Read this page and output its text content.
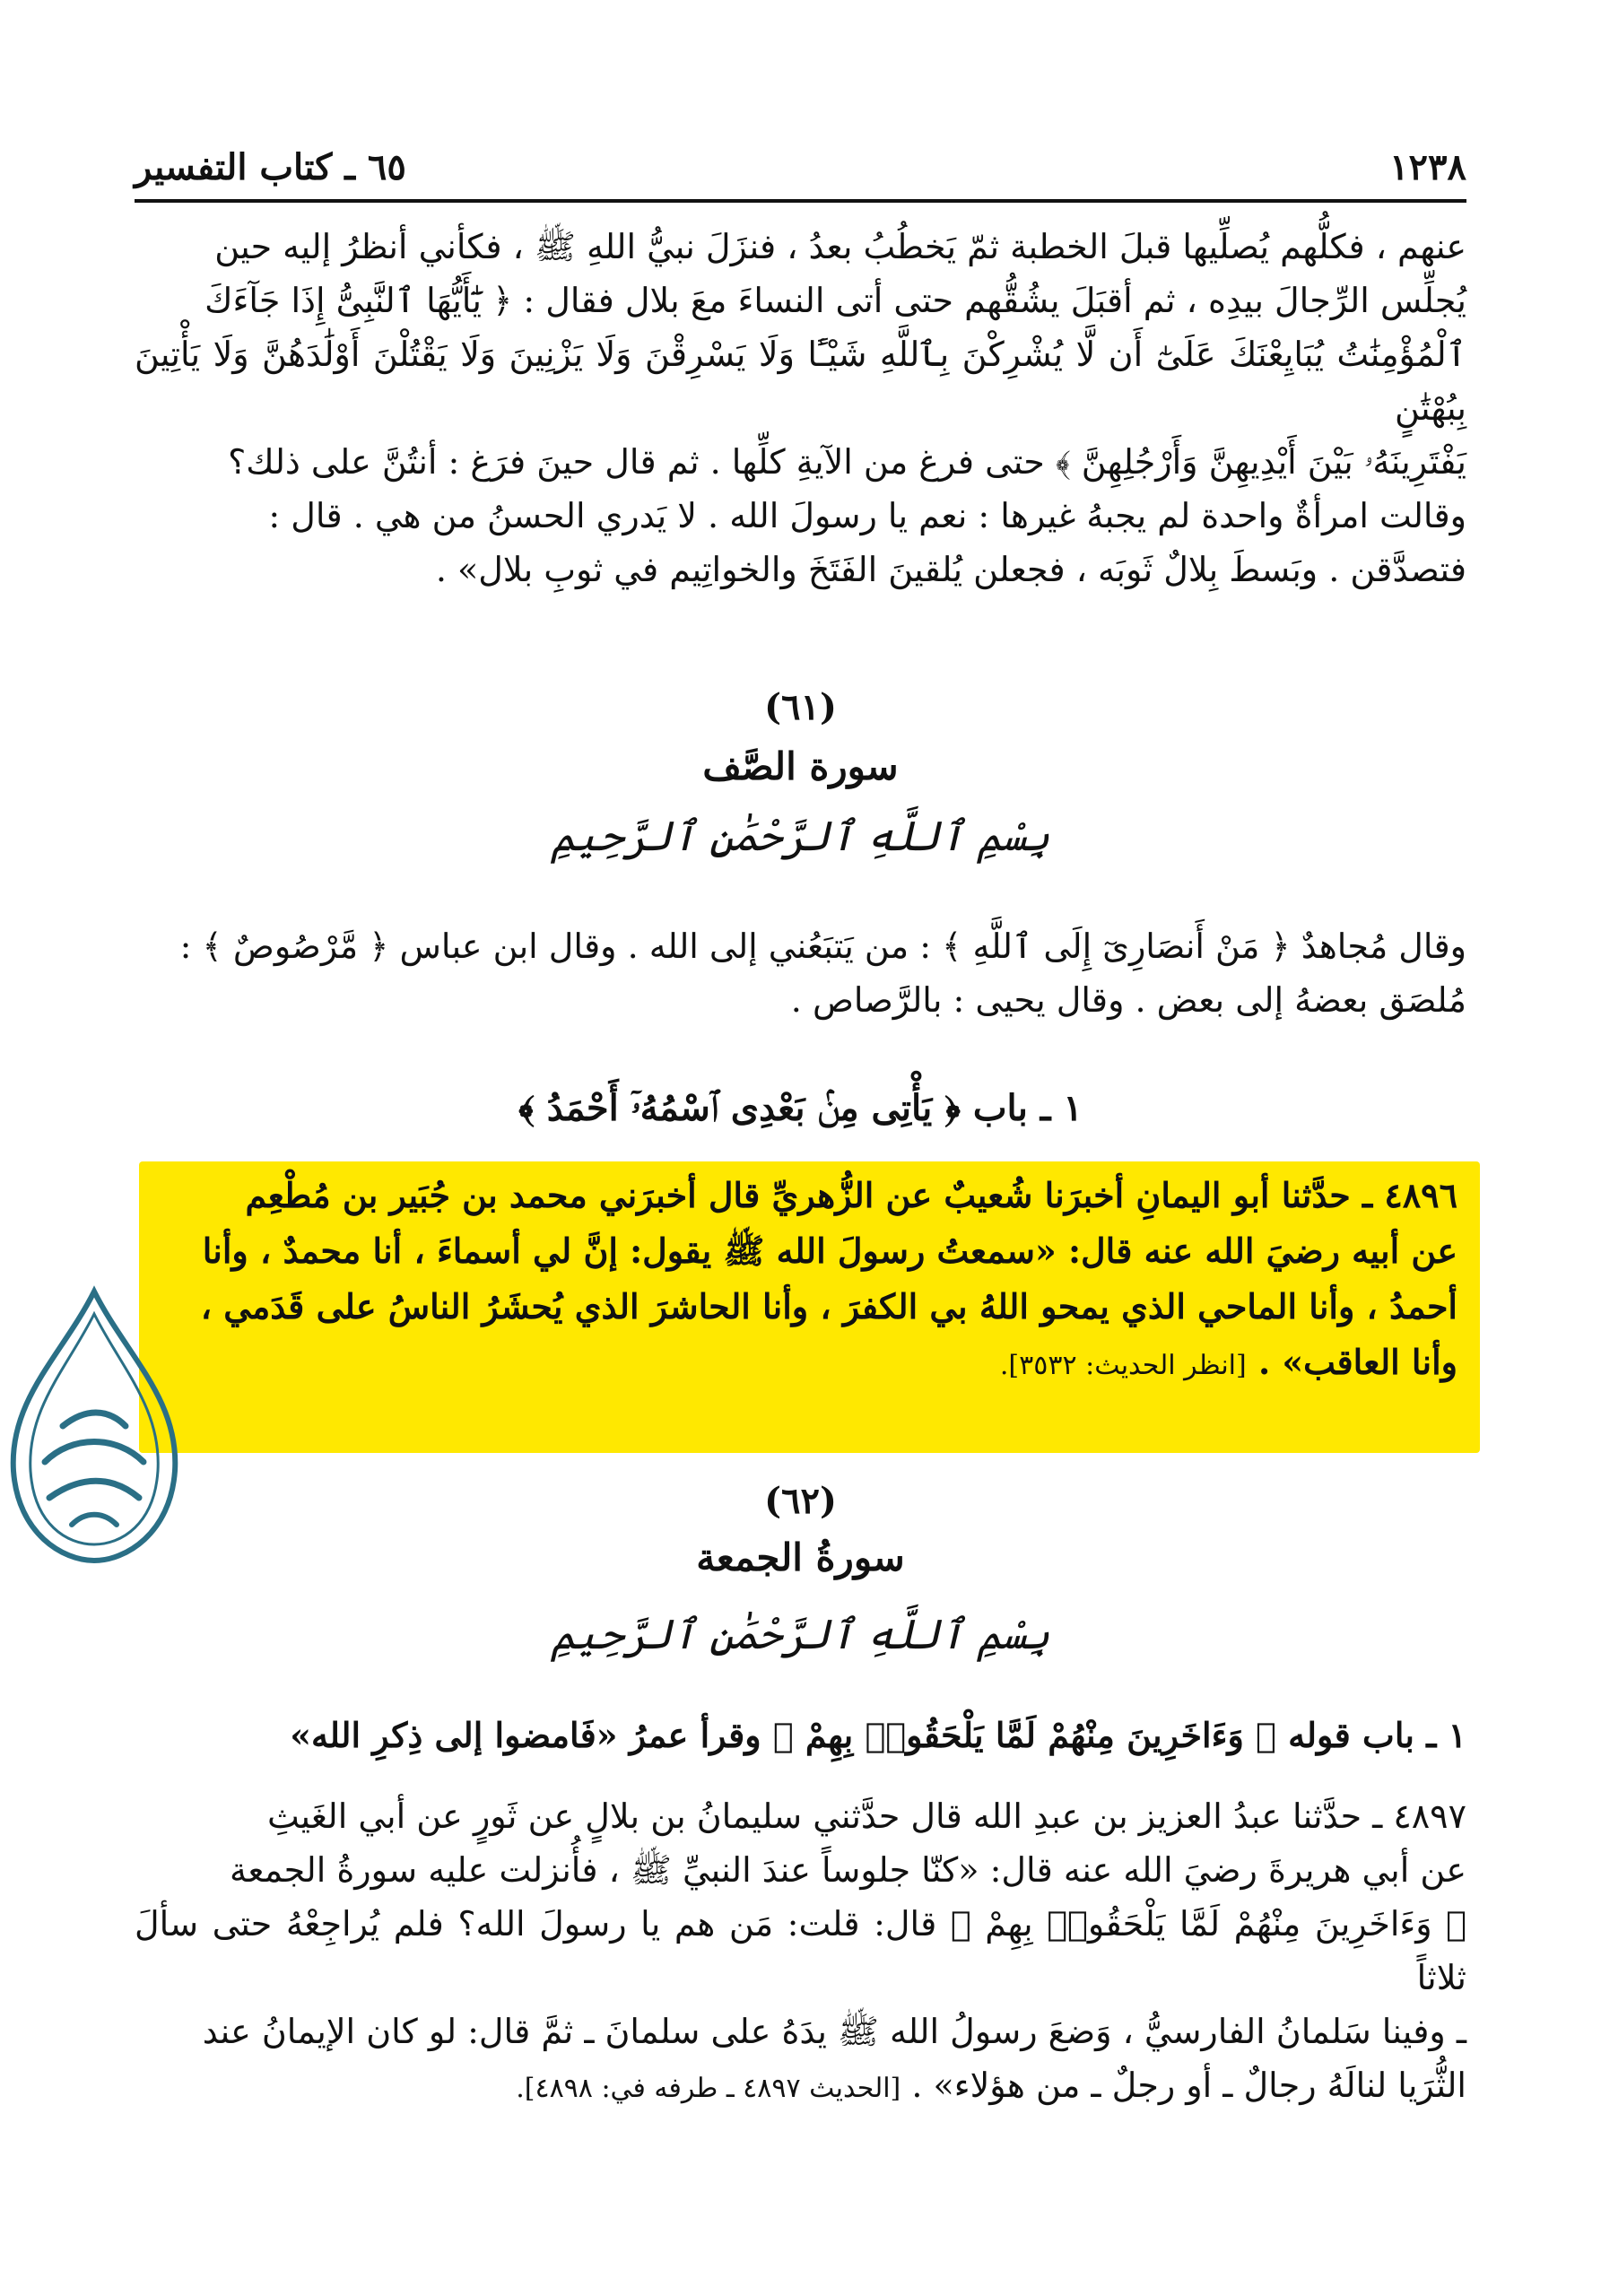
١٢٣٨
٦٥ ـ كتاب التفسير

عنهم ، فكلُّهم يُصلِّيها قبلَ الخطبة ثمّ يَخطُبُ بعدُ ، فنزَلَ نبيُّ اللهِ ﷺ ، فكأني أنظرُ إليه حين

يُجلِّس الرِّجالَ بيدِه ، ثم أقبَلَ يشُقُّهم حتى أتى النساءَ معَ بلال فقال : ﴿ يَٰٓأَيُّهَا ٱلنَّبِىُّ إِذَا جَآءَكَ

ٱلْمُؤْمِنَٰتُ يُبَايِعْنَكَ عَلَىٰٓ أَن لَّا يُشْرِكْنَ بِٱللَّهِ شَيْـًٔا وَلَا يَسْرِقْنَ وَلَا يَزْنِينَ وَلَا يَقْتُلْنَ أَوْلَٰدَهُنَّ وَلَا يَأْتِينَ بِبُهْتَٰنٍ

يَفْتَرِينَهُۥ بَيْنَ أَيْدِيهِنَّ وَأَرْجُلِهِنَّ ﴾ حتى فرغ من الآيةِ كلِّها . ثم قال حينَ فرَغ : أنتُنَّ على ذلك؟

وقالت امرأةٌ واحدة لم يجبهُ غيرها : نعم يا رسولَ الله . لا يَدري الحسنُ من هي . قال :

فتصدَّقن . وبَسطَ بِلالٌ ثَوبَه ، فجعلن يُلقينَ الفَتَخَ والخواتِيم في ثوبِ بلال» .

(٦١)
سورة الصَّف
بِسْمِ ٱللَّهِ ٱلرَّحْمَٰنِ ٱلرَّحِيمِ

وقال مُجاهدٌ ﴿ مَنْ أَنصَارِىٓ إِلَى ٱللَّهِ ﴾ : من يَتبَعُني إلى الله . وقال ابن عباس ﴿ مَّرْصُوصٌ ﴾ :

مُلصَق بعضهُ إلى بعض . وقال يحيى : بالرَّصاص .

١ ـ باب ﴿ يَأْتِى مِنۢ بَعْدِى ٱسْمُهُۥٓ أَحْمَدُ ﴾

٤٨٩٦ ـ حدَّثنا أبو اليمانِ أخبرَنا شُعيبٌ عن الزُّهريِّ قال أخبرَني محمد بن جُبَير بن مُطْعِم

عن أبيه رضيَ الله عنه قال: «سمعتُ رسولَ الله ﷺ يقول: إنَّ لي أسماءَ ، أنا محمدٌ ، وأنا

أحمدُ ، وأنا الماحي الذي يمحو اللهُ بي الكفرَ ، وأنا الحاشرَ الذي يُحشَرُ الناسُ على قَدَمي ،

وأنا العاقب» . [انظر الحديث: ٣٥٣٢].

(٦٢)
سورةُ الجمعة
بِسْمِ ٱللَّهِ ٱلرَّحْمَٰنِ ٱلرَّحِيمِ
١ ـ باب قوله ﴿ وَءَاخَرِينَ مِنْهُمْ لَمَّا يَلْحَقُوا۟ بِهِمْ ﴾ وقرأ عمرُ «فَامضوا إلى ذِكرِ الله»

٤٨٩٧ ـ حدَّثنا عبدُ العزيز بن عبدِ الله قال حدَّثني سليمانُ بن بلالٍ عن ثَورٍ عن أبي الغَيثِ

عن أبي هريرةَ رضيَ الله عنه قال: «كنّا جلوساً عندَ النبيِّ ﷺ ، فأُنزلت عليه سورةُ الجمعة

﴿ وَءَاخَرِينَ مِنْهُمْ لَمَّا يَلْحَقُوا۟ بِهِمْ ﴾ قال: قلت: مَن هم يا رسولَ الله؟ فلم يُراجِعْهُ حتى سألَ ثلاثاً

ـ وفينا سَلمانُ الفارسيُّ ، وَضعَ رسولُ الله ﷺ يدَهُ على سلمانَ ـ ثمَّ قال: لو كان الإيمانُ عند

الثُّرَيا لنالَهُ رجالٌ ـ أو رجلٌ ـ من هؤلاء» . [الحديث ٤٨٩٧ ـ طرفه في: ٤٨٩٨].
